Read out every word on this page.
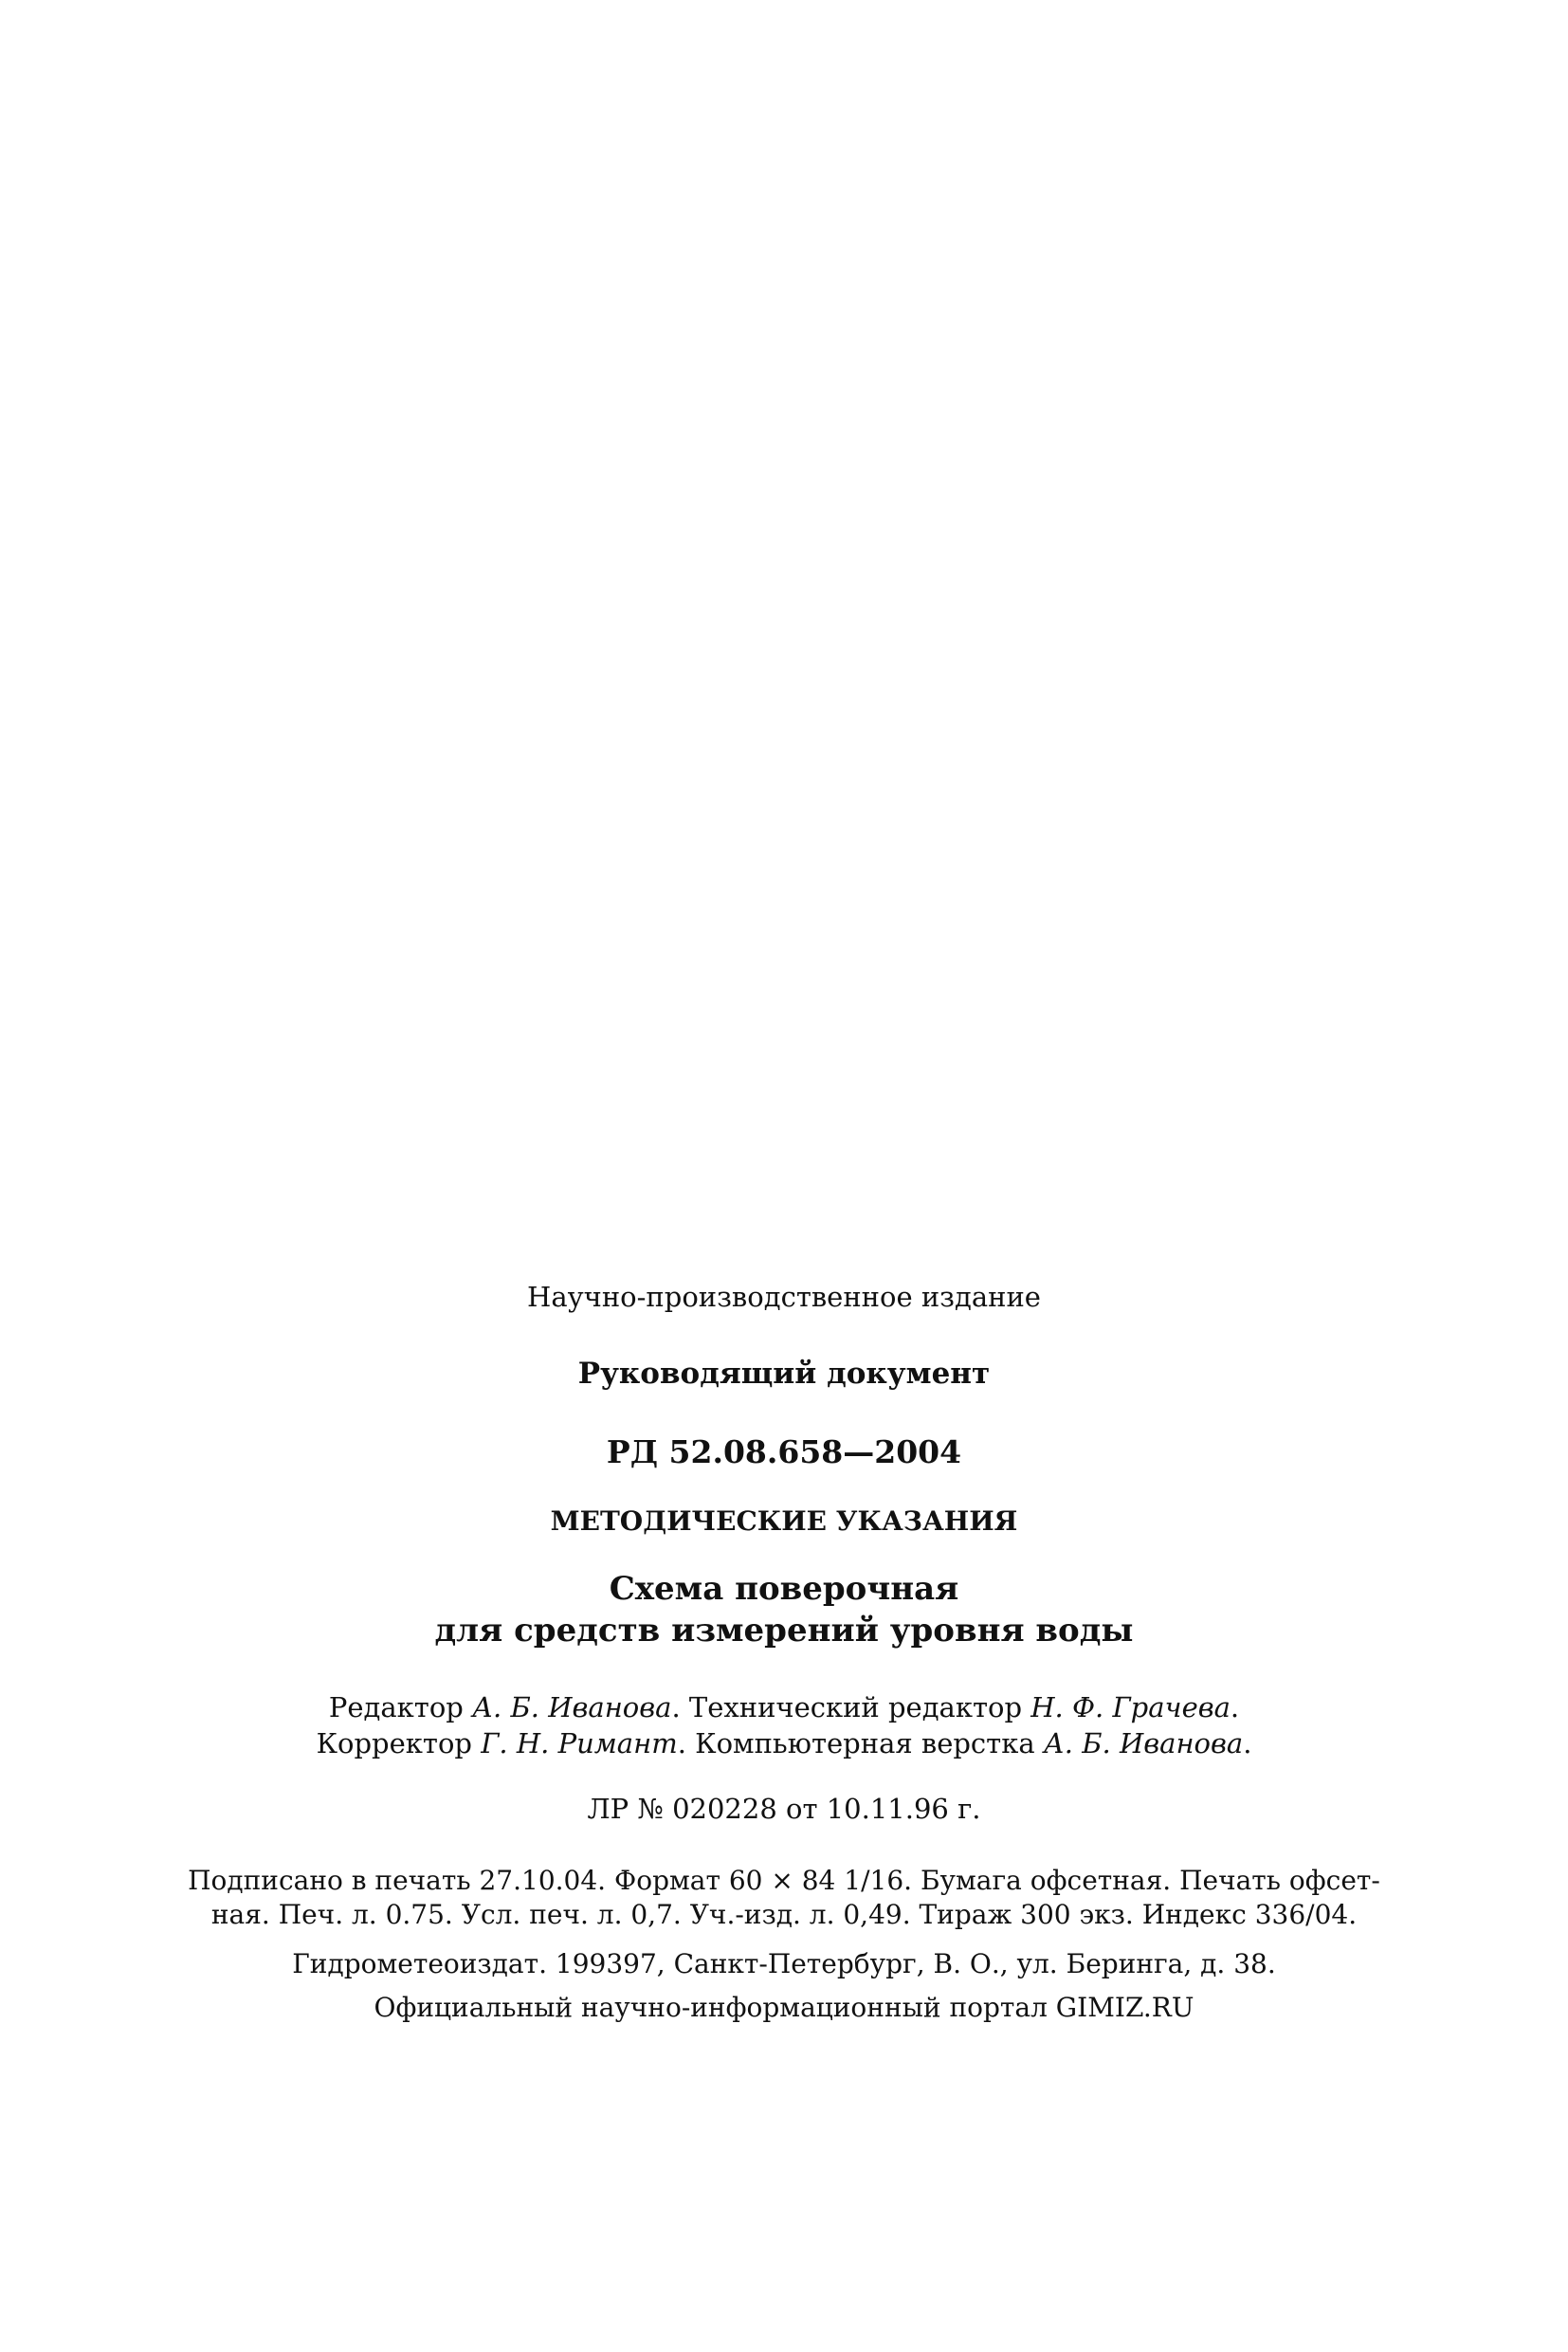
Научно-производственное издание
Руководящий документ
РД 52.08.658—2004
МЕТОДИЧЕСКИЕ УКАЗАНИЯ
Схема поверочная
для средств измерений уровня воды
Редактор А. Б. Иванова. Технический редактор Н. Ф. Грачева.
Корректор Г. Н. Римант. Компьютерная верстка А. Б. Иванова.
ЛР № 020228 от 10.11.96 г.
Подписано в печать 27.10.04. Формат 60 × 84 1/16. Бумага офсетная. Печать офсет-
ная. Печ. л. 0.75. Усл. печ. л. 0,7. Уч.-изд. л. 0,49. Тираж 300 экз. Индекс 336/04.
Гидрометеоиздат. 199397, Санкт-Петербург, В. О., ул. Беринга, д. 38.
Официальный научно-информационный портал GIMIZ.RU
